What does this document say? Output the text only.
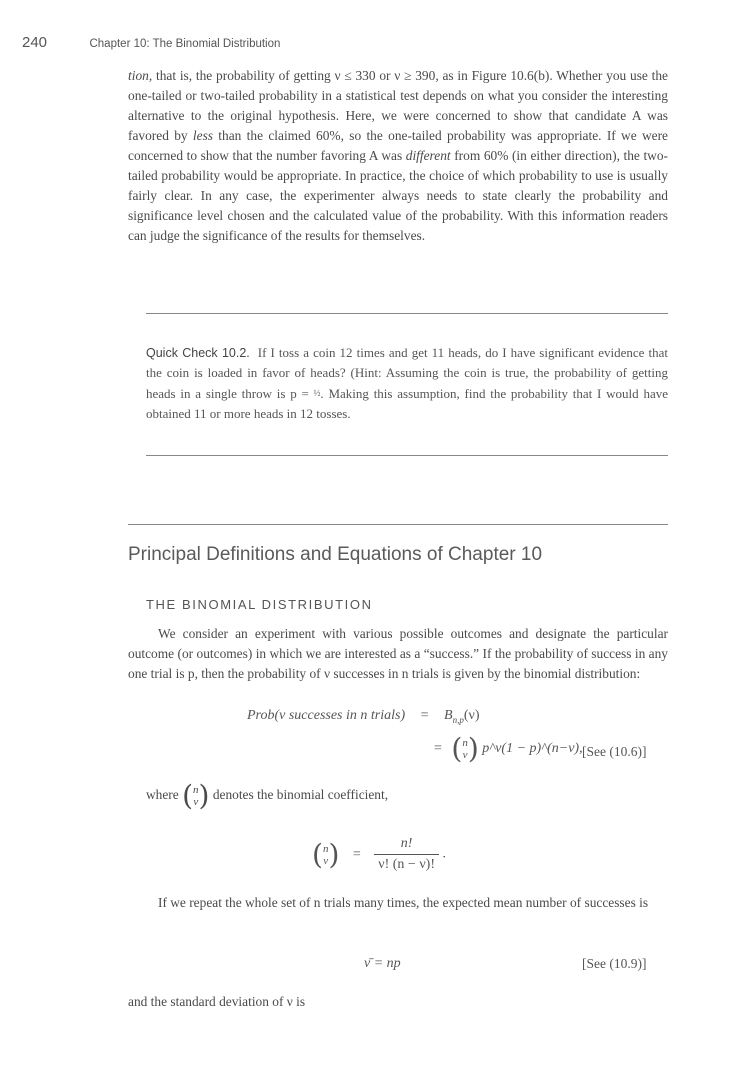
240	Chapter 10: The Binomial Distribution

tion, that is, the probability of getting ν ≤ 330 or ν ≥ 390, as in Figure 10.6(b). Whether you use the one-tailed or two-tailed probability in a statistical test depends on what you consider the interesting alternative to the original hypothesis. Here, we were concerned to show that candidate A was favored by less than the claimed 60%, so the one-tailed probability was appropriate. If we were concerned to show that the number favoring A was different from 60% (in either direction), the two-tailed probability would be appropriate. In practice, the choice of which probability to use is usually fairly clear. In any case, the experimenter always needs to state clearly the probability and significance level chosen and the calculated value of the probability. With this information readers can judge the significance of the results for themselves.

Quick Check 10.2. If I toss a coin 12 times and get 11 heads, do I have significant evidence that the coin is loaded in favor of heads? (Hint: Assuming the coin is true, the probability of getting heads in a single throw is p = ½. Making this assumption, find the probability that I would have obtained 11 or more heads in 12 tosses.
Principal Definitions and Equations of Chapter 10
THE BINOMIAL DISTRIBUTION

We consider an experiment with various possible outcomes and designate the particular outcome (or outcomes) in which we are interested as a “success.” If the probability of success in any one trial is p, then the probability of ν successes in n trials is given by the binomial distribution:

Prob(ν successes in n trials) = $B_{n,p}(\nu)$
= (n
ν) p^ν(1 − p)^(n−ν), [See (10.6)]
where (n
ν) denotes the binomial coefficient,
(n
$\nu) = \frac{n!}{\nu! (n - \nu)!}$ .

If we repeat the whole set of n trials many times, the expected mean number of successes is

ν̄ = np	[See (10.9)]
and the standard deviation of ν is
